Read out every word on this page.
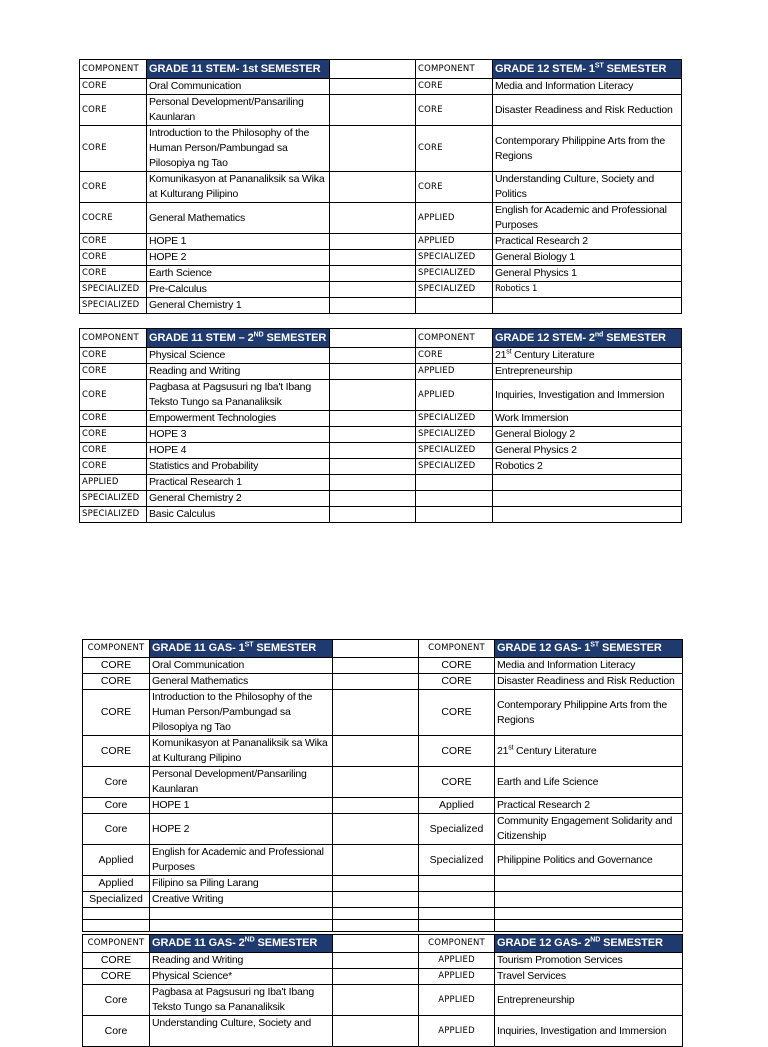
COMPONENT	GRADE 11 STEM- 1st SEMESTER		COMPONENT	GRADE 12 STEM- 1ST SEMESTER
CORE	Oral Communication		CORE	Media and Information Literacy
CORE	Personal Development/Pansariling Kaunlaran		CORE	Disaster Readiness and Risk Reduction
CORE	Introduction to the Philosophy of the Human Person/Pambungad sa Pilosopiya ng Tao		CORE	Contemporary Philippine Arts from the Regions
CORE	Komunikasyon at Pananaliksik sa Wika at Kulturang Pilipino		CORE	Understanding Culture, Society and Politics
COCRE	General Mathematics		APPLIED	English for Academic and Professional Purposes
CORE	HOPE 1		APPLIED	Practical Research 2
CORE	HOPE 2		SPECIALIZED	General Biology 1
CORE	Earth Science		SPECIALIZED	General Physics 1
SPECIALIZED	Pre-Calculus		SPECIALIZED	Robotics 1
SPECIALIZED	General Chemistry 1			
COMPONENT	GRADE 11 STEM – 2ND SEMESTER		COMPONENT	GRADE 12 STEM- 2nd SEMESTER
CORE	Physical Science		CORE	21st Century Literature
CORE	Reading and Writing		APPLIED	Entrepreneurship
CORE	Pagbasa at Pagsusuri ng Iba't Ibang Teksto Tungo sa Pananaliksik		APPLIED	Inquiries, Investigation and Immersion
CORE	Empowerment Technologies		SPECIALIZED	Work Immersion
CORE	HOPE 3		SPECIALIZED	General Biology 2
CORE	HOPE 4		SPECIALIZED	General Physics 2
CORE	Statistics and Probability		SPECIALIZED	Robotics 2
APPLIED	Practical Research 1			
SPECIALIZED	General Chemistry 2			
SPECIALIZED	Basic Calculus			
COMPONENT	GRADE 11 GAS- 1ST SEMESTER		COMPONENT	GRADE 12 GAS- 1ST SEMESTER
CORE	Oral Communication		CORE	Media and Information Literacy
CORE	General Mathematics		CORE	Disaster Readiness and Risk Reduction
CORE	Introduction to the Philosophy of the Human Person/Pambungad sa Pilosopiya ng Tao		CORE	Contemporary Philippine Arts from the Regions
CORE	Komunikasyon at Pananaliksik sa Wika at Kulturang Pilipino		CORE	21st Century Literature
Core	Personal Development/Pansariling Kaunlaran		CORE	Earth and Life Science
Core	HOPE 1		Applied	Practical Research 2
Core	HOPE 2		Specialized	Community Engagement Solidarity and Citizenship
Applied	English for Academic and Professional Purposes		Specialized	Philippine Politics and Governance
Applied	Filipino sa Piling Larang			
Specialized	Creative Writing			

COMPONENT	GRADE 11 GAS- 2ND SEMESTER		COMPONENT	GRADE 12 GAS- 2ND SEMESTER
CORE	Reading and Writing		APPLIED	Tourism Promotion Services
CORE	Physical Science*		APPLIED	Travel Services
Core	Pagbasa at Pagsusuri ng Iba't Ibang Teksto Tungo sa Pananaliksik		APPLIED	Entrepreneurship
Core	Understanding Culture, Society and		APPLIED	Inquiries, Investigation and Immersion
